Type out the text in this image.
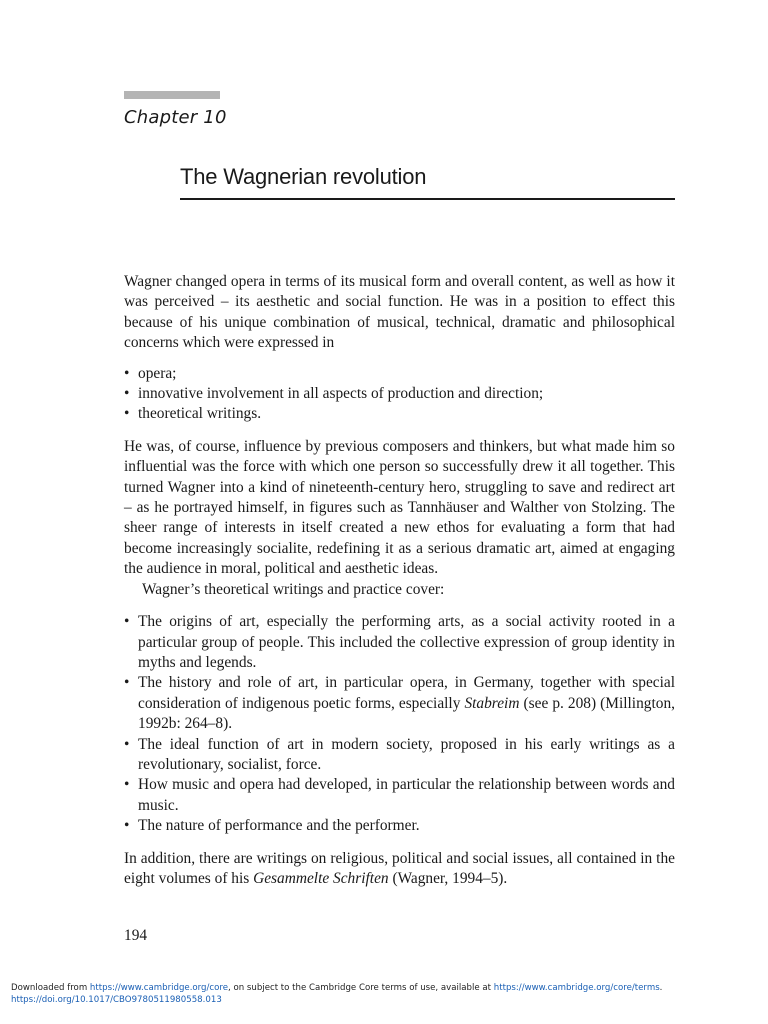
Chapter 10
The Wagnerian revolution

Wagner changed opera in terms of its musical form and overall content, as well as how it was perceived – its aesthetic and social function. He was in a position to effect this because of his unique combination of musical, technical, dramatic and philosophical concerns which were expressed in

• opera;
• innovative involvement in all aspects of production and direction;
• theoretical writings.

He was, of course, influence by previous composers and thinkers, but what made him so influential was the force with which one person so successfully drew it all together. This turned Wagner into a kind of nineteenth-century hero, struggling to save and redirect art – as he portrayed himself, in figures such as Tannhäuser and Walther von Stolzing. The sheer range of interests in itself created a new ethos for evaluating a form that had become increasingly socialite, redefining it as a serious dramatic art, aimed at engaging the audience in moral, political and aesthetic ideas.

Wagner’s theoretical writings and practice cover:

• The origins of art, especially the performing arts, as a social activity rooted in a particular group of people. This included the collective expression of group identity in myths and legends.
• The history and role of art, in particular opera, in Germany, together with special consideration of indigenous poetic forms, especially Stabreim (see p. 208) (Millington, 1992b: 264–8).
• The ideal function of art in modern society, proposed in his early writings as a revolutionary, socialist, force.
• How music and opera had developed, in particular the relationship between words and music.
• The nature of performance and the performer.

In addition, there are writings on religious, political and social issues, all contained in the eight volumes of his Gesammelte Schriften (Wagner, 1994–5).

194
Downloaded from https://www.cambridge.org/core, on subject to the Cambridge Core terms of use, available at https://www.cambridge.org/core/terms.
https://doi.org/10.1017/CBO9780511980558.013
